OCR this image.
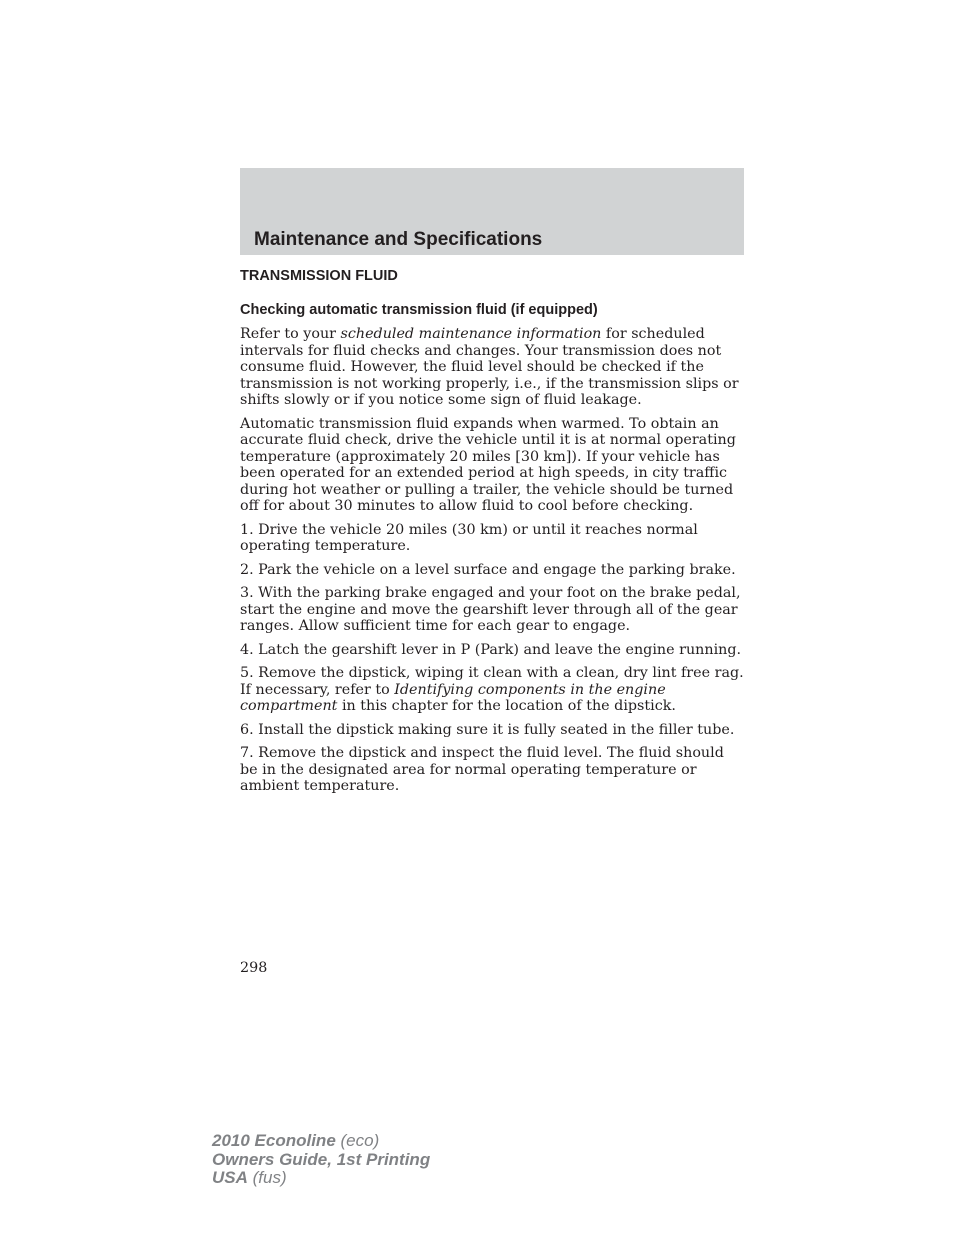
Maintenance and Specifications
TRANSMISSION FLUID
Checking automatic transmission fluid (if equipped)

Refer to your scheduled maintenance information for scheduled intervals for fluid checks and changes. Your transmission does not consume fluid. However, the fluid level should be checked if the transmission is not working properly, i.e., if the transmission slips or shifts slowly or if you notice some sign of fluid leakage.

Automatic transmission fluid expands when warmed. To obtain an accurate fluid check, drive the vehicle until it is at normal operating temperature (approximately 20 miles [30 km]). If your vehicle has been operated for an extended period at high speeds, in city traffic during hot weather or pulling a trailer, the vehicle should be turned off for about 30 minutes to allow fluid to cool before checking.

1. Drive the vehicle 20 miles (30 km) or until it reaches normal operating temperature.

2. Park the vehicle on a level surface and engage the parking brake.

3. With the parking brake engaged and your foot on the brake pedal, start the engine and move the gearshift lever through all of the gear ranges. Allow sufficient time for each gear to engage.

4. Latch the gearshift lever in P (Park) and leave the engine running.

5. Remove the dipstick, wiping it clean with a clean, dry lint free rag. If necessary, refer to Identifying components in the engine compartment in this chapter for the location of the dipstick.

6. Install the dipstick making sure it is fully seated in the filler tube.

7. Remove the dipstick and inspect the fluid level. The fluid should be in the designated area for normal operating temperature or ambient temperature.

298
2010 Econoline (eco)
Owners Guide, 1st Printing
USA (fus)
